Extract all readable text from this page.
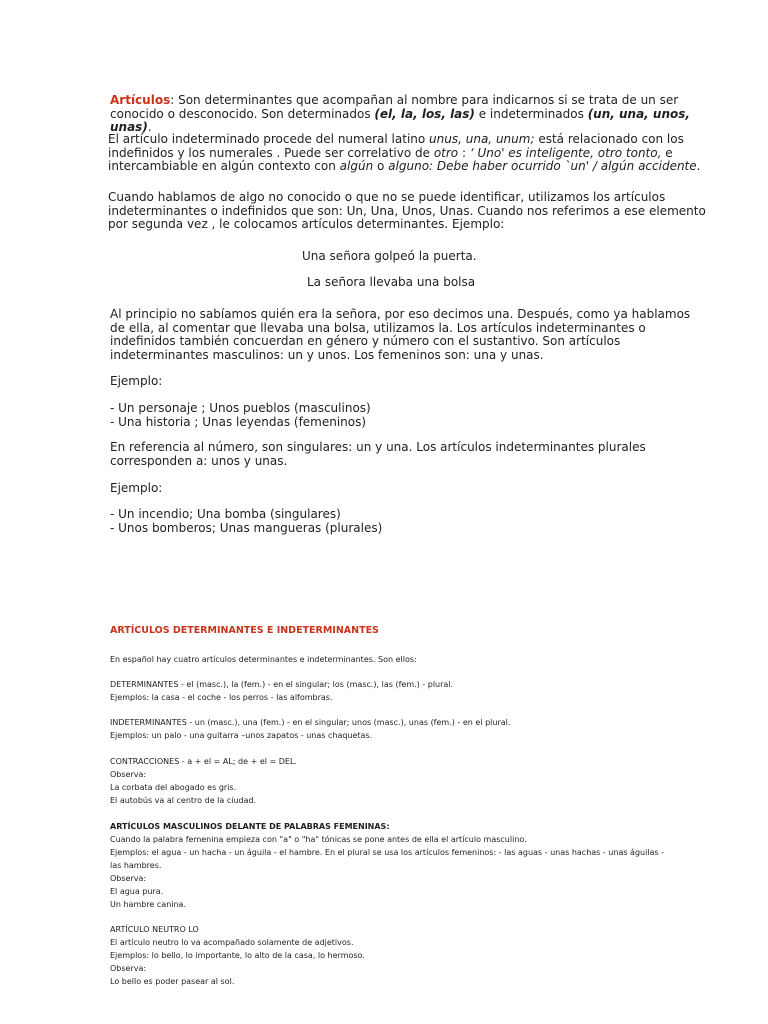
Artículos: Son determinantes que acompañan al nombre para indicarnos si se trata de un ser
conocido o desconocido. Son determinados (el, la, los, las) e indeterminados (un, una, unos,
unas).
El artículo indeterminado procede del numeral latino unus, una, unum; está relacionado con los
indefinidos y los numerales . Puede ser correlativo de otro : ‘ Uno' es inteligente, otro tonto, e
intercambiable en algún contexto con algún o alguno: Debe haber ocurrido `un' / algún accidente.
Cuando hablamos de algo no conocido o que no se puede identificar, utilizamos los artículos
indeterminantes o indefinidos que son: Un, Una, Unos, Unas. Cuando nos referimos a ese elemento
por segunda vez , le colocamos artículos determinantes. Ejemplo:
Una señora golpeó la puerta.
La señora llevaba una bolsa
Al principio no sabíamos quién era la señora, por eso decimos una. Después, como ya hablamos
de ella, al comentar que llevaba una bolsa, utilizamos la. Los artículos indeterminantes o
indefinidos también concuerdan en género y número con el sustantivo. Son artículos
indeterminantes masculinos: un y unos. Los femeninos son: una y unas.
Ejemplo:
- Un personaje ; Unos pueblos (masculinos)
- Una historia ; Unas leyendas (femeninos)
En referencia al número, son singulares: un y una. Los artículos indeterminantes plurales
corresponden a: unos y unas.
Ejemplo:
- Un incendio; Una bomba (singulares)
- Unos bomberos; Unas mangueras (plurales)
ARTÍCULOS DETERMINANTES E INDETERMINANTES
En español hay cuatro artículos determinantes e indeterminantes. Son ellos:
DETERMINANTES - el (masc.), la (fem.) - en el singular; los (masc.), las (fem.) - plural.
Ejemplos: la casa - el coche - los perros - las alfombras.
INDETERMINANTES - un (masc.), una (fem.) - en el singular; unos (masc.), unas (fem.) - en el plural.
Ejemplos: un palo - una guitarra –unos zapatos - unas chaquetas.
CONTRACCIONES - a + el = AL; de + el = DEL.
Observa:
La corbata del abogado es gris.
El autobús va al centro de la ciudad.
ARTÍCULOS MASCULINOS DELANTE DE PALABRAS FEMENINAS:
Cuando la palabra femenina empieza con "a" o "ha" tónicas se pone antes de ella el artículo masculino.
Ejemplos: el agua - un hacha - un águila - el hambre. En el plural se usa los artículos femeninos: - las aguas - unas hachas - unas águilas -
las hambres.
Observa:
El agua pura.
Un hambre canina.
ARTÍCULO NEUTRO LO
El artículo neutro lo va acompañado solamente de adjetivos.
Ejemplos: lo bello, lo importante, lo alto de la casa, lo hermoso.
Observa:
Lo bello es poder pasear al sol.
